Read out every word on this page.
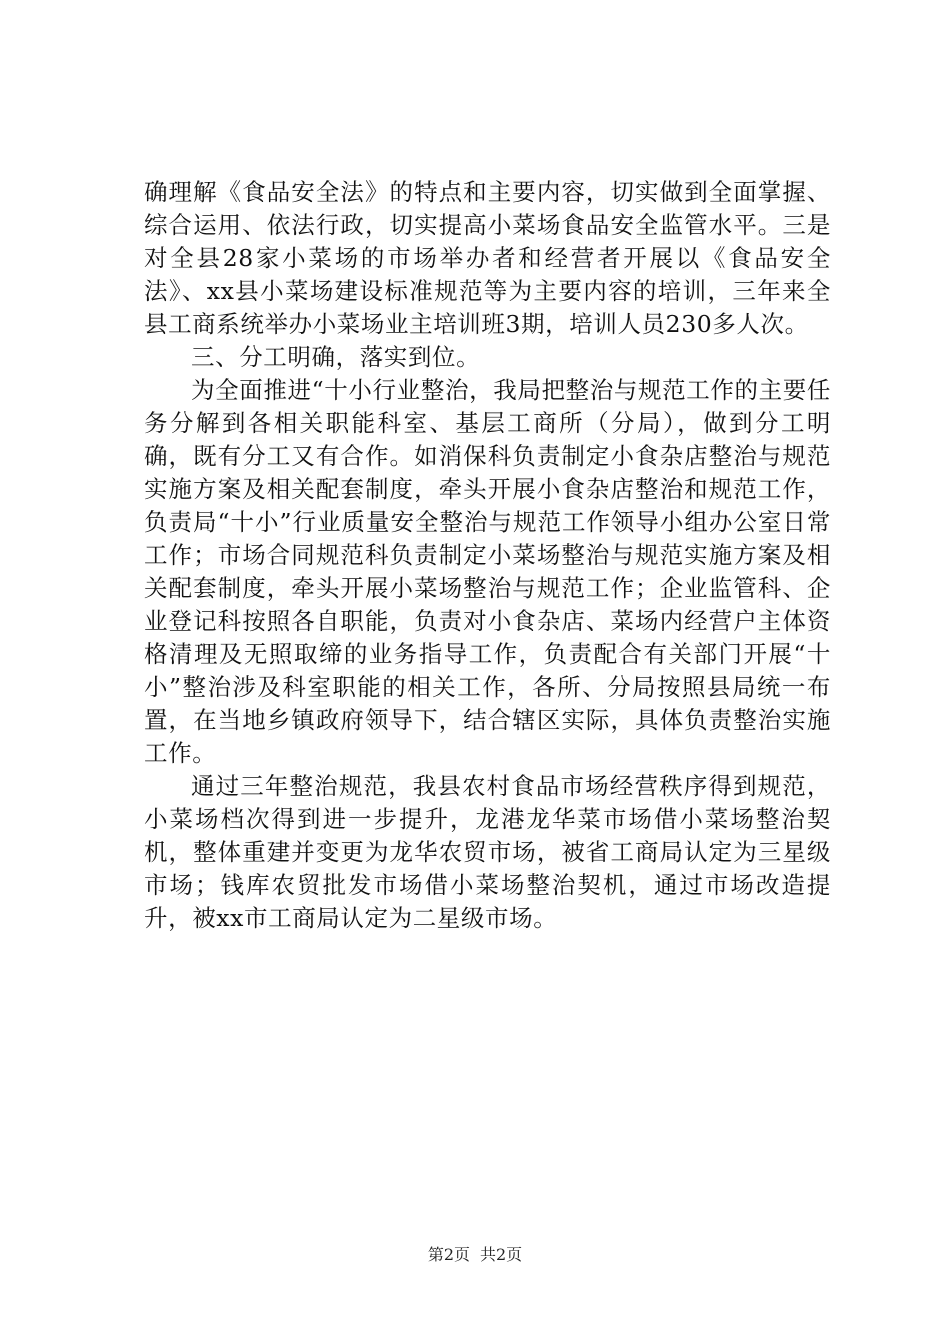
确理解《食品安全法》的特点和主要内容，切实做到全面掌握、综合运用、依法行政，切实提高小菜场食品安全监管水平。三是对全县28家小菜场的市场举办者和经营者开展以《食品安全法》、xx县小菜场建设标准规范等为主要内容的培训，三年来全县工商系统举办小菜场业主培训班3期，培训人员230多人次。

三、分工明确，落实到位。

为全面推进“十小行业整治，我局把整治与规范工作的主要任务分解到各相关职能科室、基层工商所（分局），做到分工明确，既有分工又有合作。如消保科负责制定小食杂店整治与规范实施方案及相关配套制度，牵头开展小食杂店整治和规范工作，负责局“十小”行业质量安全整治与规范工作领导小组办公室日常工作；市场合同规范科负责制定小菜场整治与规范实施方案及相关配套制度，牵头开展小菜场整治与规范工作；企业监管科、企业登记科按照各自职能，负责对小食杂店、菜场内经营户主体资格清理及无照取缔的业务指导工作，负责配合有关部门开展“十小”整治涉及科室职能的相关工作，各所、分局按照县局统一布置，在当地乡镇政府领导下，结合辖区实际，具体负责整治实施工作。

通过三年整治规范，我县农村食品市场经营秩序得到规范，小菜场档次得到进一步提升，龙港龙华菜市场借小菜场整治契机，整体重建并变更为龙华农贸市场，被省工商局认定为三星级市场；钱库农贸批发市场借小菜场整治契机，通过市场改造提升，被xx市工商局认定为二星级市场。

第2页 共2页
